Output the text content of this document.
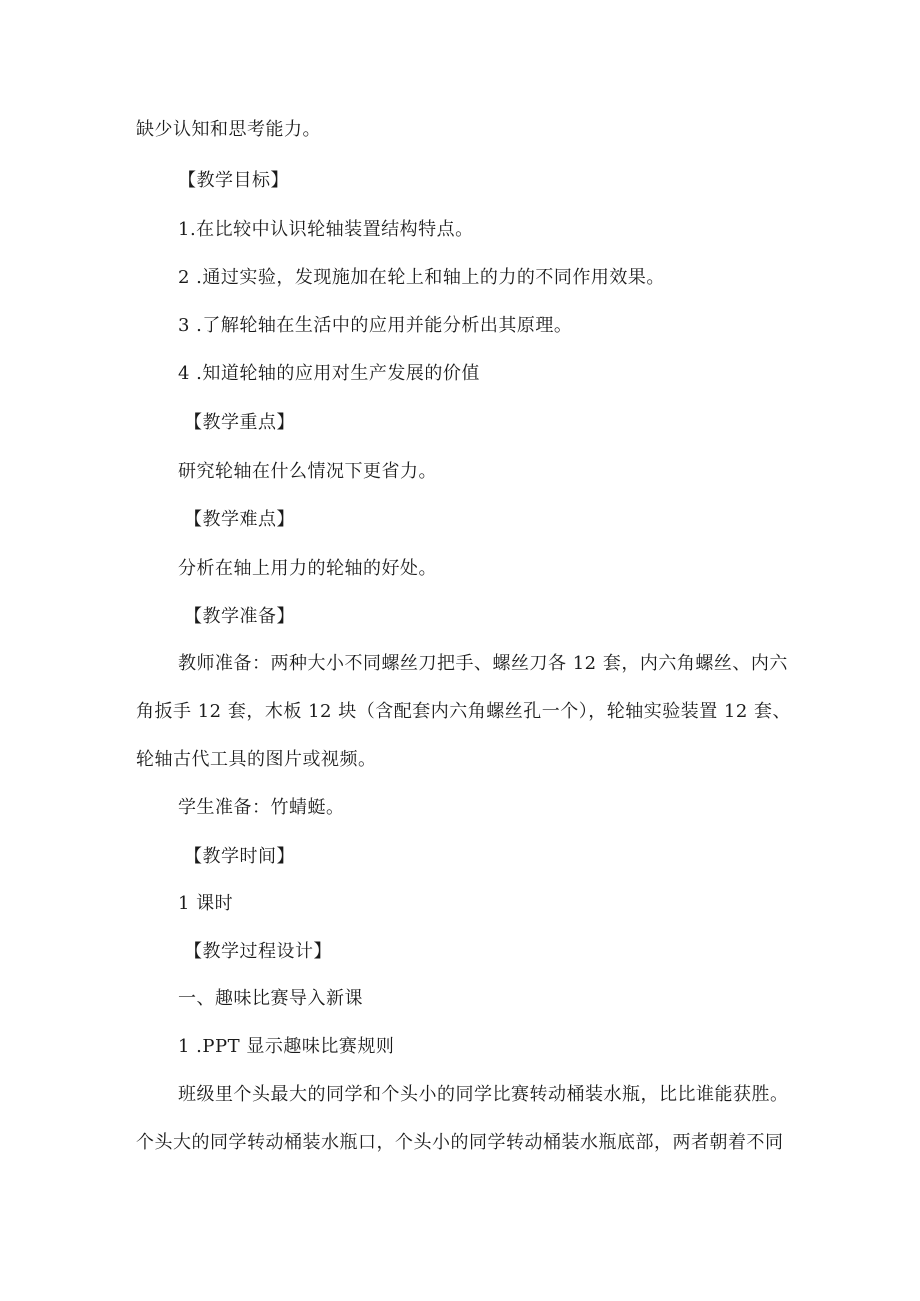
缺少认知和思考能力。
【教学目标】
1.在比较中认识轮轴装置结构特点。
2 .通过实验，发现施加在轮上和轴上的力的不同作用效果。
3 .了解轮轴在生活中的应用并能分析出其原理。
4 .知道轮轴的应用对生产发展的价值
【教学重点】
研究轮轴在什么情况下更省力。
【教学难点】
分析在轴上用力的轮轴的好处。
【教学准备】
教师准备：两种大小不同螺丝刀把手、螺丝刀各 12 套，内六角螺丝、内六
角扳手 12 套，木板 12 块（含配套内六角螺丝孔一个），轮轴实验装置 12 套、
轮轴古代工具的图片或视频。
学生准备：竹蜻蜓。
【教学时间】
1 课时
【教学过程设计】
一、趣味比赛导入新课
1 .PPT 显示趣味比赛规则
班级里个头最大的同学和个头小的同学比赛转动桶装水瓶，比比谁能获胜。
个头大的同学转动桶装水瓶口，个头小的同学转动桶装水瓶底部，两者朝着不同
